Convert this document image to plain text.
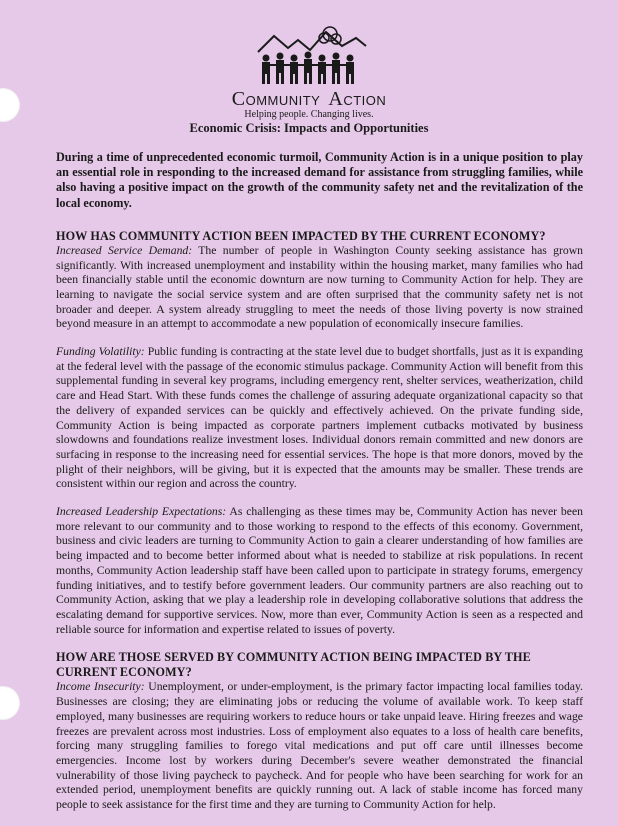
COMMUNITY ACTION
Helping people. Changing lives.
Economic Crisis: Impacts and Opportunities

During a time of unprecedented economic turmoil, Community Action is in a unique position to play an essential role in responding to the increased demand for assistance from struggling families, while also having a positive impact on the growth of the community safety net and the revitalization of the local economy.

HOW HAS COMMUNITY ACTION BEEN IMPACTED BY THE CURRENT ECONOMY?

Increased Service Demand: The number of people in Washington County seeking assistance has grown significantly. With increased unemployment and instability within the housing market, many families who had been financially stable until the economic downturn are now turning to Community Action for help. They are learning to navigate the social service system and are often surprised that the community safety net is not broader and deeper. A system already struggling to meet the needs of those living poverty is now strained beyond measure in an attempt to accommodate a new population of economically insecure families.

Funding Volatility: Public funding is contracting at the state level due to budget shortfalls, just as it is expanding at the federal level with the passage of the economic stimulus package. Community Action will benefit from this supplemental funding in several key programs, including emergency rent, shelter services, weatherization, child care and Head Start. With these funds comes the challenge of assuring adequate organizational capacity so that the delivery of expanded services can be quickly and effectively achieved. On the private funding side, Community Action is being impacted as corporate partners implement cutbacks motivated by business slowdowns and foundations realize investment loses. Individual donors remain committed and new donors are surfacing in response to the increasing need for essential services. The hope is that more donors, moved by the plight of their neighbors, will be giving, but it is expected that the amounts may be smaller. These trends are consistent within our region and across the country.

Increased Leadership Expectations: As challenging as these times may be, Community Action has never been more relevant to our community and to those working to respond to the effects of this economy. Government, business and civic leaders are turning to Community Action to gain a clearer understanding of how families are being impacted and to become better informed about what is needed to stabilize at risk populations. In recent months, Community Action leadership staff have been called upon to participate in strategy forums, emergency funding initiatives, and to testify before government leaders. Our community partners are also reaching out to Community Action, asking that we play a leadership role in developing collaborative solutions that address the escalating demand for supportive services. Now, more than ever, Community Action is seen as a respected and reliable source for information and expertise related to issues of poverty.

HOW ARE THOSE SERVED BY COMMUNITY ACTION BEING IMPACTED BY THE CURRENT ECONOMY?

Income Insecurity: Unemployment, or under-employment, is the primary factor impacting local families today. Businesses are closing; they are eliminating jobs or reducing the volume of available work. To keep staff employed, many businesses are requiring workers to reduce hours or take unpaid leave. Hiring freezes and wage freezes are prevalent across most industries. Loss of employment also equates to a loss of health care benefits, forcing many struggling families to forego vital medications and put off care until illnesses become emergencies. Income lost by workers during December's severe weather demonstrated the financial vulnerability of those living paycheck to paycheck. And for people who have been searching for work for an extended period, unemployment benefits are quickly running out. A lack of stable income has forced many people to seek assistance for the first time and they are turning to Community Action for help.
